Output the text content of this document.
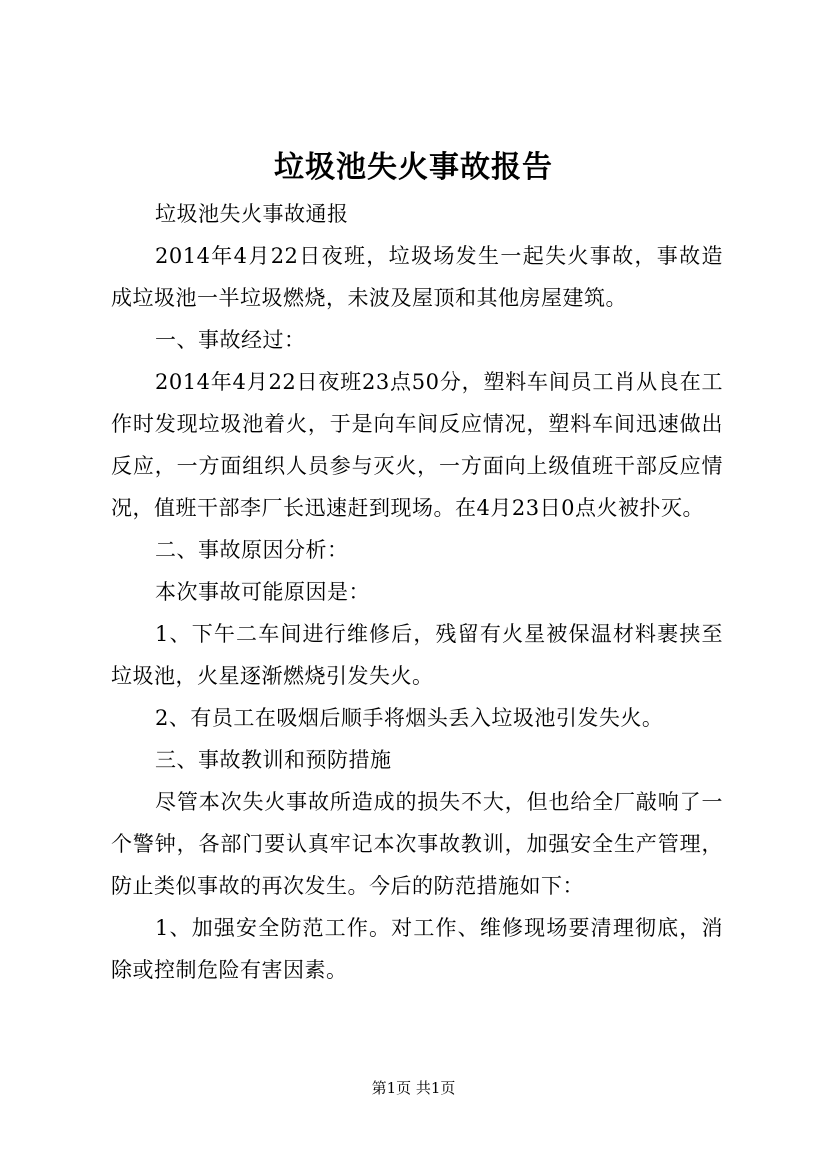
垃圾池失火事故报告

垃圾池失火事故通报

2014年4月22日夜班，垃圾场发生一起失火事故，事故造成垃圾池一半垃圾燃烧，未波及屋顶和其他房屋建筑。

一、事故经过：

2014年4月22日夜班23点50分，塑料车间员工肖从良在工作时发现垃圾池着火，于是向车间反应情况，塑料车间迅速做出反应，一方面组织人员参与灭火，一方面向上级值班干部反应情况，值班干部李厂长迅速赶到现场。在4月23日0点火被扑灭。

二、事故原因分析：

本次事故可能原因是：

1、下午二车间进行维修后，残留有火星被保温材料裹挟至垃圾池，火星逐渐燃烧引发失火。

2、有员工在吸烟后顺手将烟头丢入垃圾池引发失火。

三、事故教训和预防措施

尽管本次失火事故所造成的损失不大，但也给全厂敲响了一个警钟，各部门要认真牢记本次事故教训，加强安全生产管理，防止类似事故的再次发生。今后的防范措施如下：

1、加强安全防范工作。对工作、维修现场要清理彻底，消除或控制危险有害因素。

第1页 共1页
